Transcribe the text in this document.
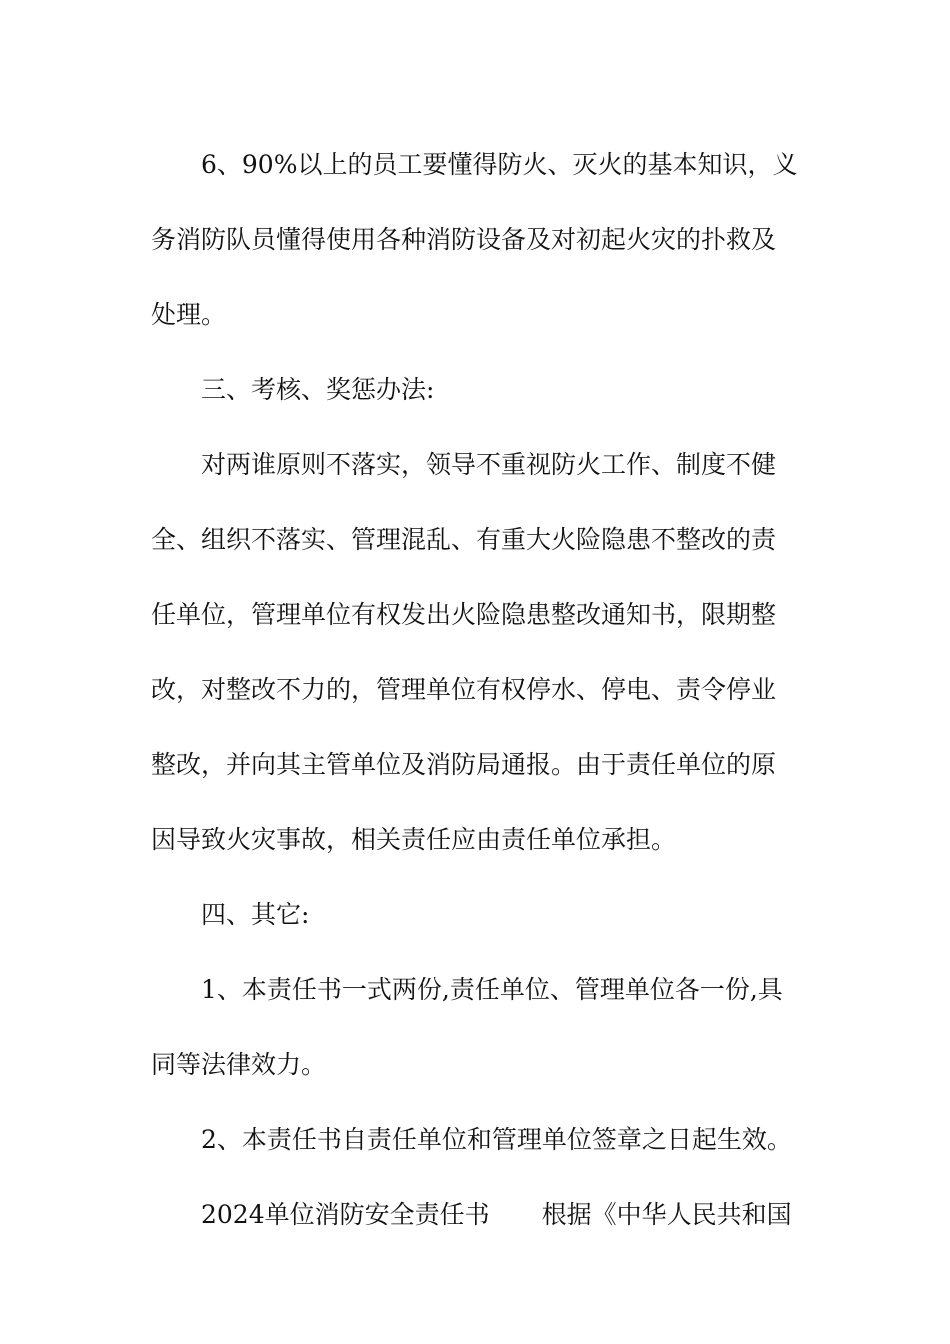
6、90%以上的员工要懂得防火、灭火的基本知识，义
务消防队员懂得使用各种消防设备及对初起火灾的扑救及
处理。
三、考核、奖惩办法:
对两谁原则不落实，领导不重视防火工作、制度不健
全、组织不落实、管理混乱、有重大火险隐患不整改的责
任单位，管理单位有权发出火险隐患整改通知书，限期整
改，对整改不力的，管理单位有权停水、停电、责令停业
整改，并向其主管单位及消防局通报。由于责任单位的原
因导致火灾事故，相关责任应由责任单位承担。
四、其它:
1、本责任书一式两份,责任单位、管理单位各一份,具
同等法律效力。
2、本责任书自责任单位和管理单位签章之日起生效。
2024单位消防安全责任书 根据《中华人民共和国
